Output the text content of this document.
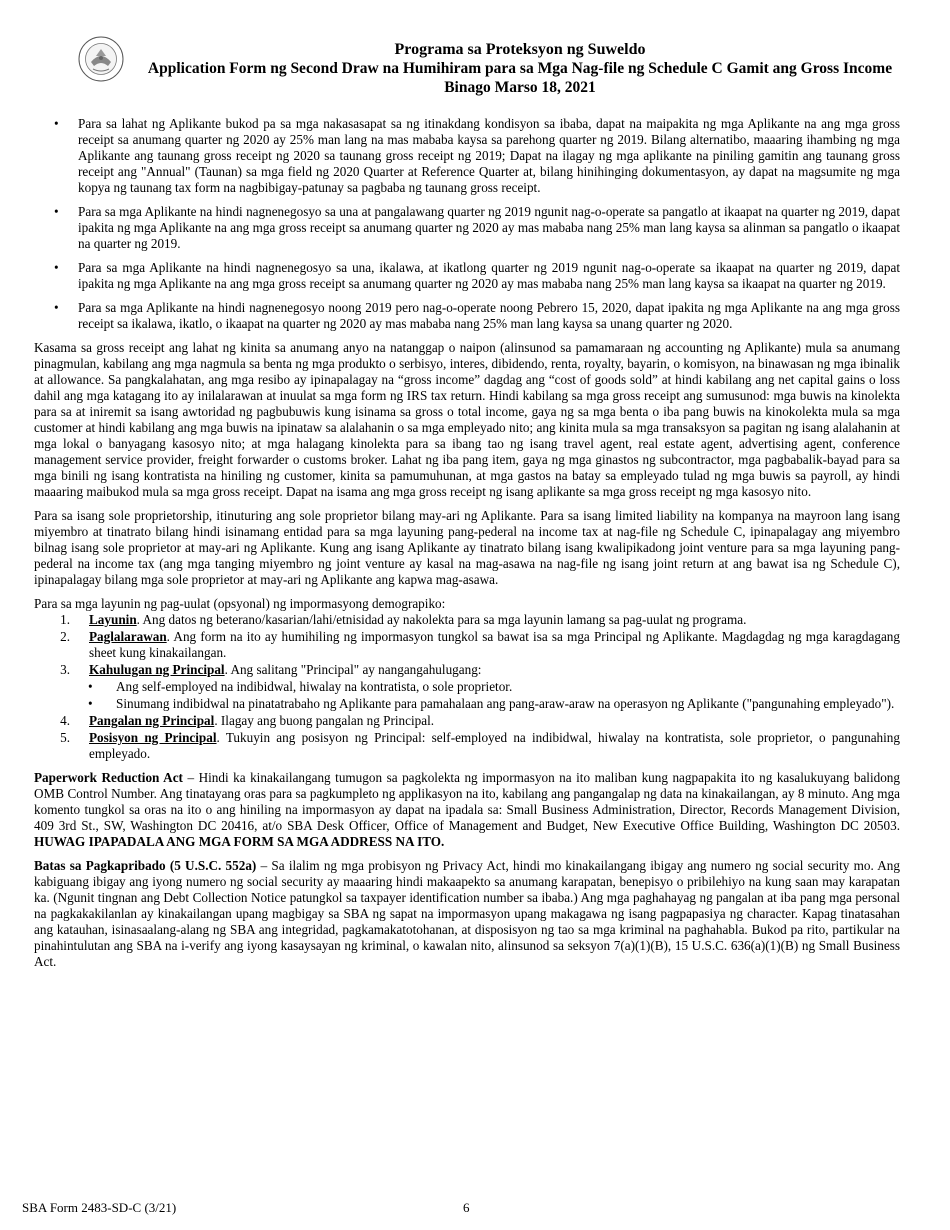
Programa sa Proteksyon ng Suweldo
Application Form ng Second Draw na Humihiram para sa Mga Nag-file ng Schedule C Gamit ang Gross Income
Binago Marso 18, 2021
• Para sa lahat ng Aplikante bukod pa sa mga nakasasapat sa ng itinakdang kondisyon sa ibaba, dapat na maipakita ng mga Aplikante na ang mga gross receipt sa anumang quarter ng 2020 ay 25% man lang na mas mababa kaysa sa parehong quarter ng 2019. Bilang alternatibo, maaaring ihambing ng mga Aplikante ang taunang gross receipt ng 2020 sa taunang gross receipt ng 2019; Dapat na ilagay ng mga aplikante na piniling gamitin ang taunang gross receipt ang "Annual" (Taunan) sa mga field ng 2020 Quarter at Reference Quarter at, bilang hinihinging dokumentasyon, ay dapat na magsumite ng mga kopya ng taunang tax form na nagbibigay-patunay sa pagbaba ng taunang gross receipt.
• Para sa mga Aplikante na hindi nagnenegosyo sa una at pangalawang quarter ng 2019 ngunit nag-o-operate sa pangatlo at ikaapat na quarter ng 2019, dapat ipakita ng mga Aplikante na ang mga gross receipt sa anumang quarter ng 2020 ay mas mababa nang 25% man lang kaysa sa alinman sa pangatlo o ikaapat na quarter ng 2019.
• Para sa mga Aplikante na hindi nagnenegosyo sa una, ikalawa, at ikatlong quarter ng 2019 ngunit nag-o-operate sa ikaapat na quarter ng 2019, dapat ipakita ng mga Aplikante na ang mga gross receipt sa anumang quarter ng 2020 ay mas mababa nang 25% man lang kaysa sa ikaapat na quarter ng 2019.
• Para sa mga Aplikante na hindi nagnenegosyo noong 2019 pero nag-o-operate noong Pebrero 15, 2020, dapat ipakita ng mga Aplikante na ang mga gross receipt sa ikalawa, ikatlo, o ikaapat na quarter ng 2020 ay mas mababa nang 25% man lang kaysa sa unang quarter ng 2020.

Kasama sa gross receipt ang lahat ng kinita sa anumang anyo na natanggap o naipon (alinsunod sa pamamaraan ng accounting ng Aplikante) mula sa anumang pinagmulan, kabilang ang mga nagmula sa benta ng mga produkto o serbisyo, interes, dibidendo, renta, royalty, bayarin, o komisyon, na binawasan ng mga ibinalik at allowance. Sa pangkalahatan, ang mga resibo ay ipinapalagay na “gross income” dagdag ang “cost of goods sold” at hindi kabilang ang net capital gains o loss dahil ang mga katagang ito ay inilalarawan at inuulat sa mga form ng IRS tax return. Hindi kabilang sa mga gross receipt ang sumusunod: mga buwis na kinolekta para sa at iniremit sa isang awtoridad ng pagbubuwis kung isinama sa gross o total income, gaya ng sa mga benta o iba pang buwis na kinokolekta mula sa mga customer at hindi kabilang ang mga buwis na ipinataw sa alalahanin o sa mga empleyado nito; ang kinita mula sa mga transaksyon sa pagitan ng isang alalahanin at mga lokal o banyagang kasosyo nito; at mga halagang kinolekta para sa ibang tao ng isang travel agent, real estate agent, advertising agent, conference management service provider, freight forwarder o customs broker. Lahat ng iba pang item, gaya ng mga ginastos ng subcontractor, mga pagbabalik-bayad para sa mga binili ng isang kontratista na hiniling ng customer, kinita sa pamumuhunan, at mga gastos na batay sa empleyado tulad ng mga buwis sa payroll, ay hindi maaaring maibukod mula sa mga gross receipt. Dapat na isama ang mga gross receipt ng isang aplikante sa mga gross receipt ng mga kasosyo nito.

Para sa isang sole proprietorship, itinuturing ang sole proprietor bilang may-ari ng Aplikante. Para sa isang limited liability na kompanya na mayroon lang isang miyembro at tinatrato bilang hindi isinamang entidad para sa mga layuning pang-pederal na income tax at nag-file ng Schedule C, ipinapalagay ang miyembro bilnag isang sole proprietor at may-ari ng Aplikante. Kung ang isang Aplikante ay tinatrato bilang isang kwalipikadong joint venture para sa mga layuning pang-pederal na income tax (ang mga tanging miyembro ng joint venture ay kasal na mag-asawa na nag-file ng isang joint return at ang bawat isa ng Schedule C), ipinapalagay bilang mga sole proprietor at may-ari ng Aplikante ang kapwa mag-asawa.

Para sa mga layunin ng pag-uulat (opsyonal) ng impormasyong demograpiko:
1. Layunin. Ang datos ng beterano/kasarian/lahi/etnisidad ay nakolekta para sa mga layunin lamang sa pag-uulat ng programa.
2. Paglalarawan. Ang form na ito ay humihiling ng impormasyon tungkol sa bawat isa sa mga Principal ng Aplikante. Magdagdag ng mga karagdagang sheet kung kinakailangan.
3. Kahulugan ng Principal. Ang salitang "Principal" ay nangangahulugang:
• Ang self-employed na indibidwal, hiwalay na kontratista, o sole proprietor.
• Sinumang indibidwal na pinatatrabaho ng Aplikante para pamahalaan ang pang-araw-araw na operasyon ng Aplikante ("pangunahing empleyado").
4. Pangalan ng Principal. Ilagay ang buong pangalan ng Principal.
5. Posisyon ng Principal. Tukuyin ang posisyon ng Principal: self-employed na indibidwal, hiwalay na kontratista, sole proprietor, o pangunahing empleyado.

Paperwork Reduction Act – Hindi ka kinakailangang tumugon sa pagkolekta ng impormasyon na ito maliban kung nagpapakita ito ng kasalukuyang balidong OMB Control Number. Ang tinatayang oras para sa pagkumpleto ng applikasyon na ito, kabilang ang pangangalap ng data na kinakailangan, ay 8 minuto. Ang mga komento tungkol sa oras na ito o ang hiniling na impormasyon ay dapat na ipadala sa: Small Business Administration, Director, Records Management Division, 409 3rd St., SW, Washington DC 20416, at/o SBA Desk Officer, Office of Management and Budget, New Executive Office Building, Washington DC 20503. HUWAG IPAPADALA ANG MGA FORM SA MGA ADDRESS NA ITO.

Batas sa Pagkapribado (5 U.S.C. 552a) – Sa ilalim ng mga probisyon ng Privacy Act, hindi mo kinakailangang ibigay ang numero ng social security mo. Ang kabiguang ibigay ang iyong numero ng social security ay maaaring hindi makaapekto sa anumang karapatan, benepisyo o pribilehiyo na kung saan may karapatan ka. (Ngunit tingnan ang Debt Collection Notice patungkol sa taxpayer identification number sa ibaba.) Ang mga paghahayag ng pangalan at iba pang mga personal na pagkakakilanlan ay kinakailangan upang magbigay sa SBA ng sapat na impormasyon upang makagawa ng isang pagpapasiya ng character. Kapag tinatasahan ang katauhan, isinasaalang-alang ng SBA ang integridad, pagkamakatotohanan, at disposisyon ng tao sa mga kriminal na paghahabla. Bukod pa rito, partikular na pinahintulutan ang SBA na i-verify ang iyong kasaysayan ng kriminal, o kawalan nito, alinsunod sa seksyon 7(a)(1)(B), 15 U.S.C. 636(a)(1)(B) ng Small Business Act.

SBA Form 2483-SD-C (3/21)	6
